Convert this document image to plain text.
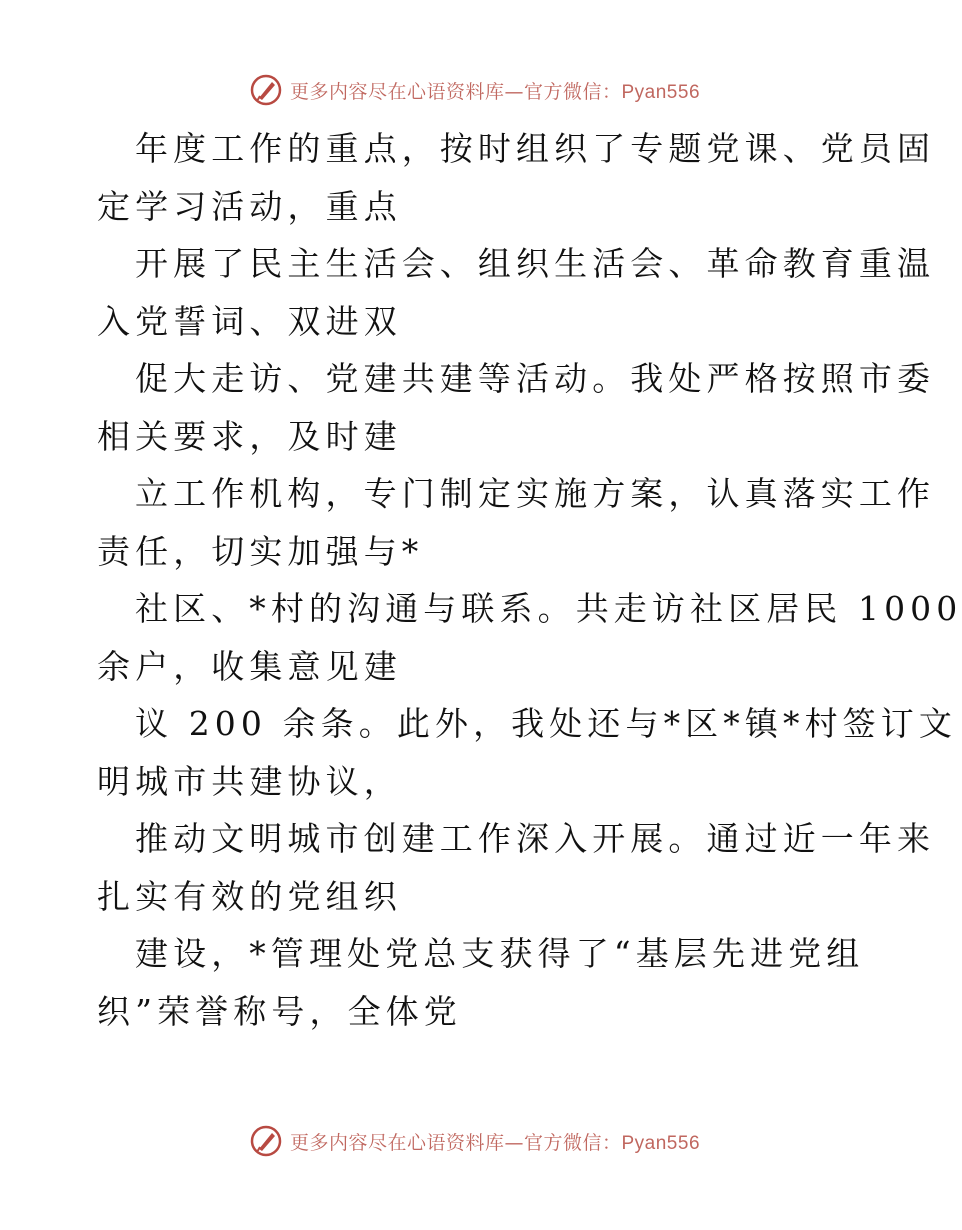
更多内容尽在心语资料库—官方微信：Pyan556
年度工作的重点，按时组织了专题党课、党员固
定学习活动，重点
开展了民主生活会、组织生活会、革命教育重温
入党誓词、双进双
促大走访、党建共建等活动。我处严格按照市委
相关要求，及时建
立工作机构，专门制定实施方案，认真落实工作
责任，切实加强与*
社区、*村的沟通与联系。共走访社区居民 1000
余户，收集意见建
议 200 余条。此外，我处还与*区*镇*村签订文
明城市共建协议，
推动文明城市创建工作深入开展。通过近一年来
扎实有效的党组织
建设，*管理处党总支获得了“基层先进党组
织”荣誉称号，全体党
更多内容尽在心语资料库—官方微信：Pyan556
